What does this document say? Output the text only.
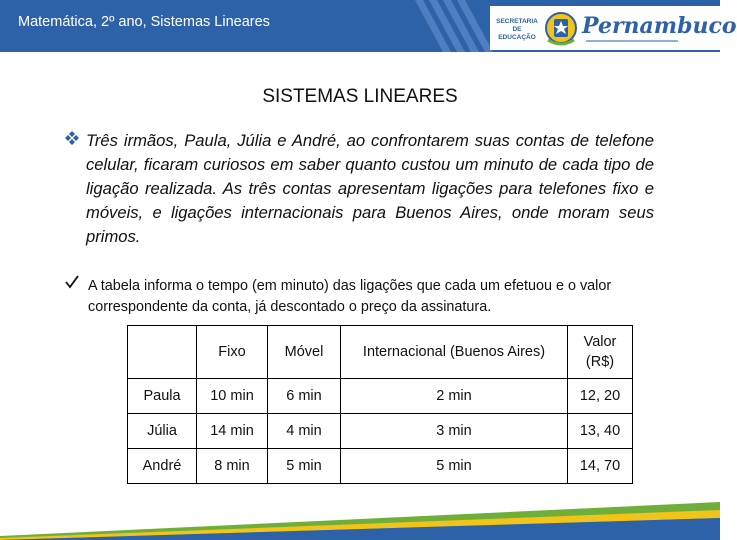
Matemática, 2º ano, Sistemas Lineares	SECRETARIA
DE EDUCAÇÃO Pernambuco
SISTEMAS LINEARES
Três irmãos, Paula, Júlia e André, ao confrontarem suas contas de telefone celular, ficaram curiosos em saber quanto custou um minuto de cada tipo de ligação realizada. As três contas apresentam ligações para telefones fixo e móveis, e ligações internacionais para Buenos Aires, onde moram seus primos.
A tabela informa o tempo (em minuto) das ligações que cada um efetuou e o valor correspondente da conta, já descontado o preço da assinatura.
	Fixo	Móvel	Internacional (Buenos Aires)	Valor
(R$)

Paula	10 min	6 min	2 min	12, 20
Júlia	14 min	4 min	3 min	13, 40
André	8 min	5 min	5 min	14, 70
